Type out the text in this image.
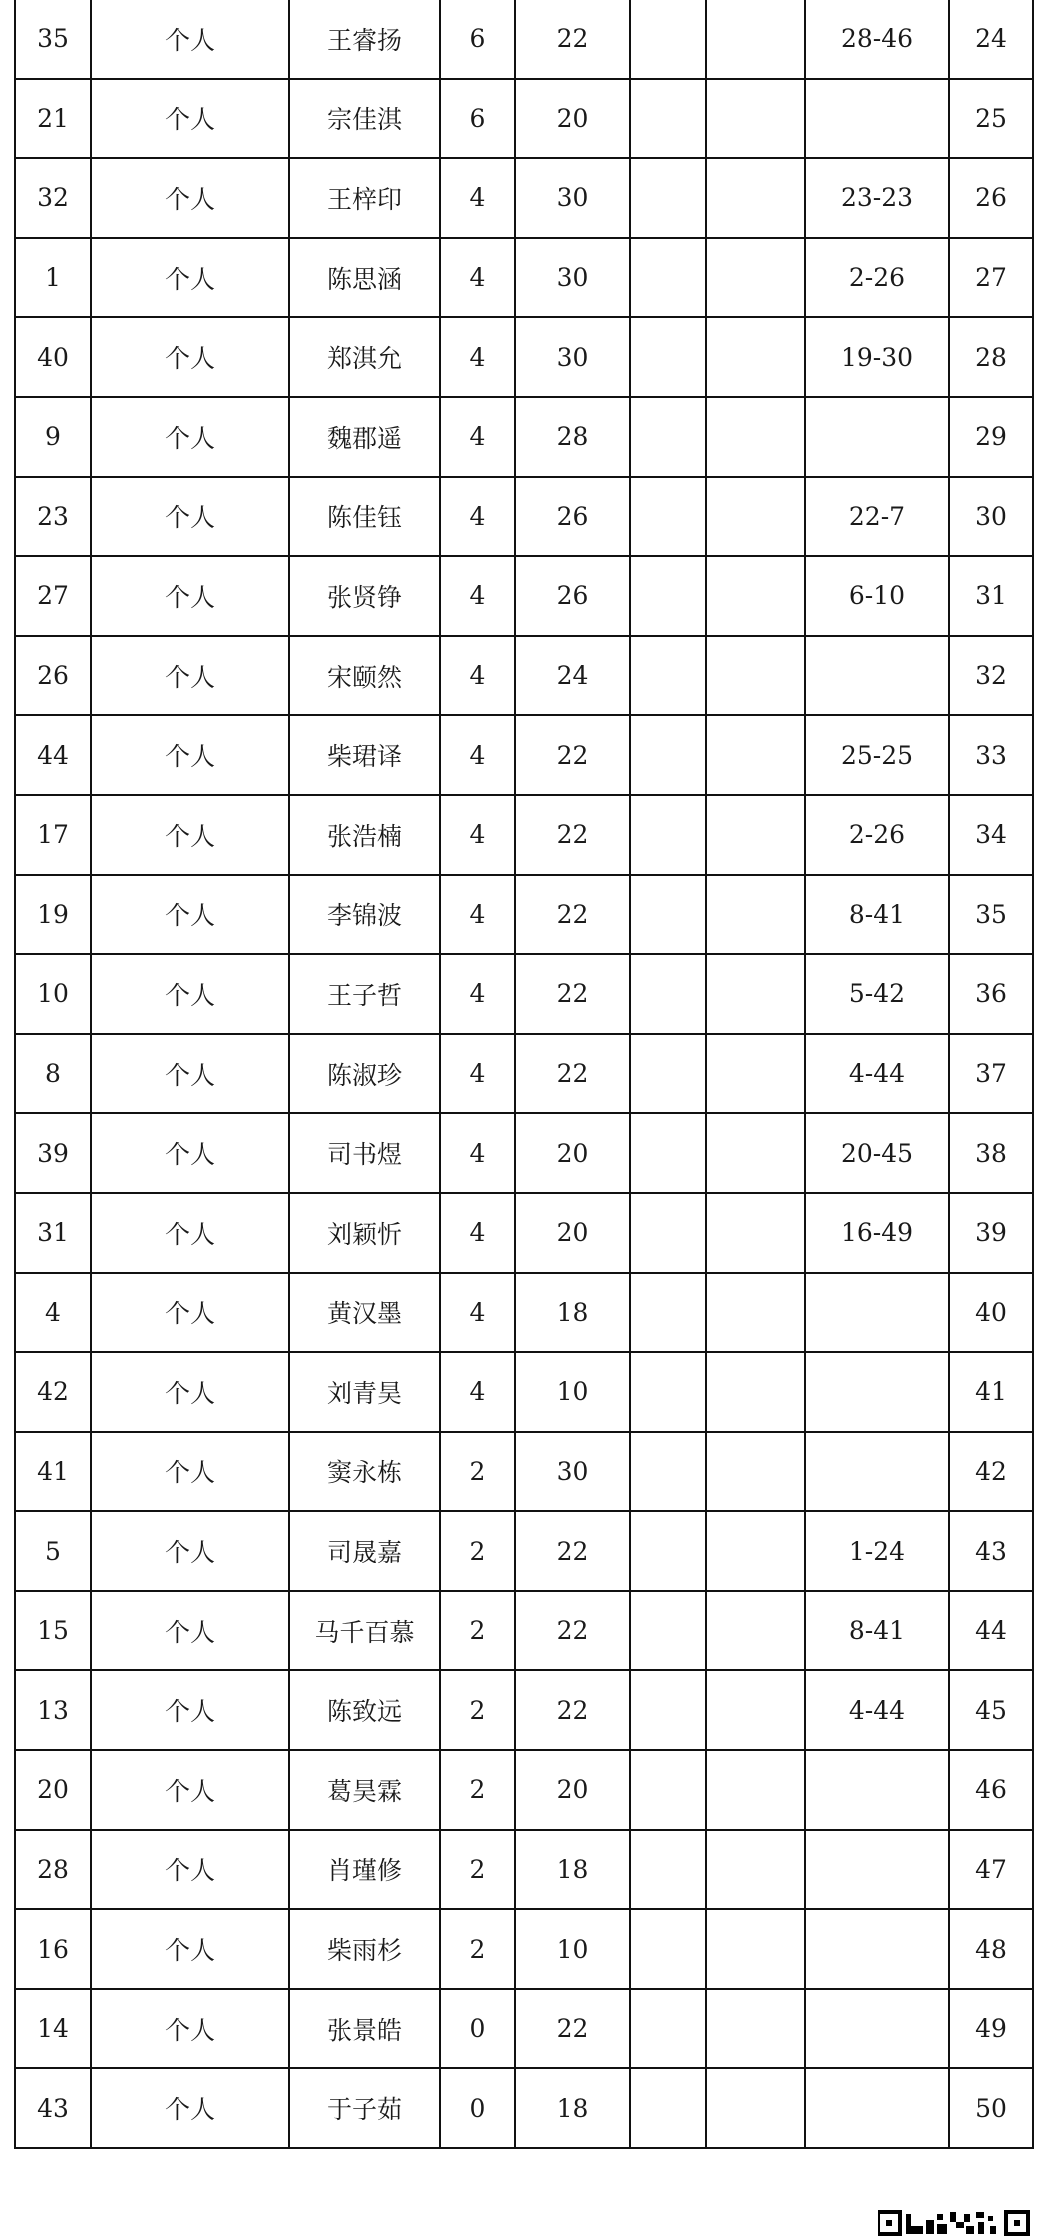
35	个人	王睿扬	6	22			28-46	24
21	个人	宗佳淇	6	20				25
32	个人	王梓印	4	30			23-23	26
1	个人	陈思涵	4	30			2-26	27
40	个人	郑淇允	4	30			19-30	28
9	个人	魏郡遥	4	28				29
23	个人	陈佳钰	4	26			22-7	30
27	个人	张贤铮	4	26			6-10	31
26	个人	宋颐然	4	24				32
44	个人	柴珺译	4	22			25-25	33
17	个人	张浩楠	4	22			2-26	34
19	个人	李锦波	4	22			8-41	35
10	个人	王子哲	4	22			5-42	36
8	个人	陈淑珍	4	22			4-44	37
39	个人	司书煜	4	20			20-45	38
31	个人	刘颖忻	4	20			16-49	39
4	个人	黄汉墨	4	18				40
42	个人	刘青昊	4	10				41
41	个人	窦永栋	2	30				42
5	个人	司晟嘉	2	22			1-24	43
15	个人	马千百慕	2	22			8-41	44
13	个人	陈致远	2	22			4-44	45
20	个人	葛昊霖	2	20				46
28	个人	肖瑾修	2	18				47
16	个人	柴雨杉	2	10				48
14	个人	张景皓	0	22				49
43	个人	于子茹	0	18				50
